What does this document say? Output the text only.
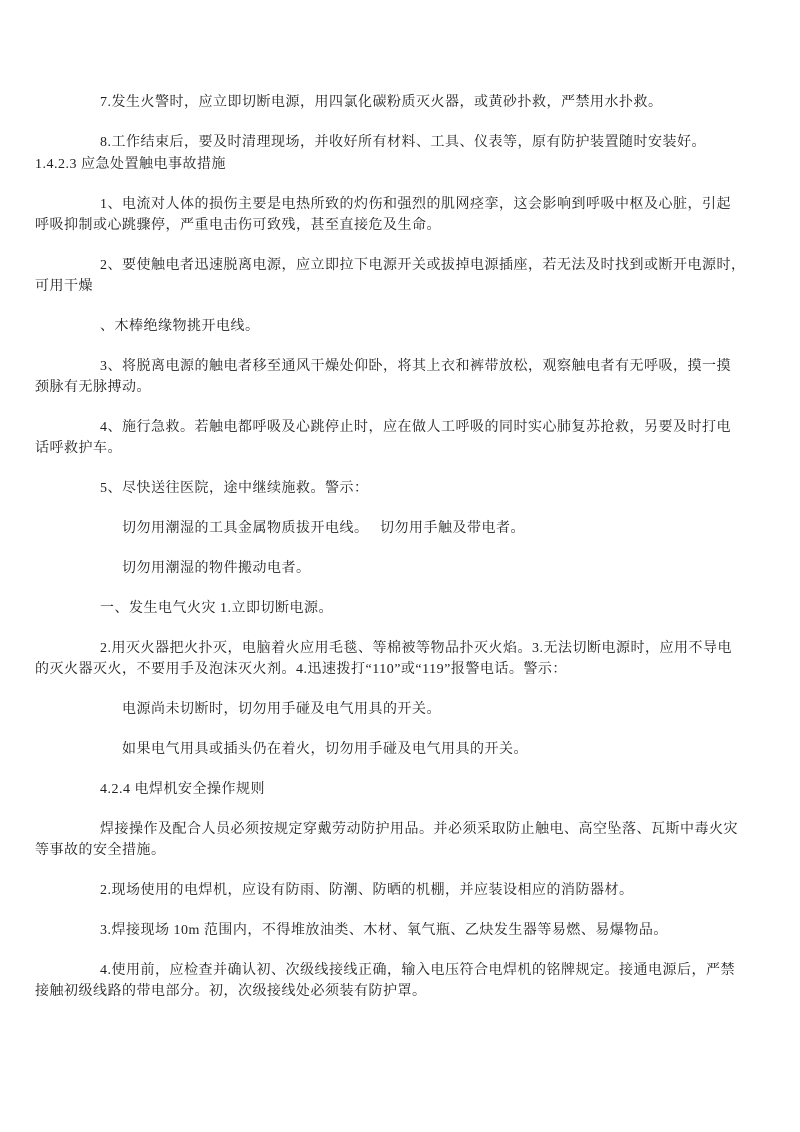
7.发生火警时，应立即切断电源，用四氯化碳粉质灭火器，或黄砂扑救，严禁用水扑救。
8.工作结束后，要及时清理现场，并收好所有材料、工具、仪表等，原有防护装置随时安装好。
1.4.2.3 应急处置触电事故措施
1、电流对人体的损伤主要是电热所致的灼伤和强烈的肌网痉挛，这会影响到呼吸中枢及心脏，引起
呼吸抑制或心跳骤停，严重电击伤可致残，甚至直接危及生命。
2、要使触电者迅速脱离电源，应立即拉下电源开关或拔掉电源插座，若无法及时找到或断开电源时，
可用干燥
、木棒绝缘物挑开电线。
3、将脱离电源的触电者移至通风干燥处仰卧，将其上衣和裤带放松，观察触电者有无呼吸，摸一摸
颈脉有无脉搏动。
4、施行急救。若触电都呼吸及心跳停止时，应在做人工呼吸的同时实心肺复苏抢救，另要及时打电
话呼救护车。
5、尽快送往医院，途中继续施救。警示：
切勿用潮湿的工具金属物质拔开电线。　 切勿用手触及带电者。
切勿用潮湿的物件搬动电者。
一、发生电气火灾 1.立即切断电源。
2.用灭火器把火扑灭，电脑着火应用毛毯、等棉被等物品扑灭火焰。3.无法切断电源时，应用不导电
的灭火器灭火，不要用手及泡沫灭火剂。4.迅速拨打“110”或“119”报警电话。警示：
电源尚未切断时，切勿用手碰及电气用具的开关。
如果电气用具或插头仍在着火，切勿用手碰及电气用具的开关。
4.2.4 电焊机安全操作规则
焊接操作及配合人员必须按规定穿戴劳动防护用品。并必须采取防止触电、高空坠落、瓦斯中毒火灾
等事故的安全措施。
2.现场使用的电焊机，应设有防雨、防潮、防晒的机棚，并应装设相应的消防器材。
3.焊接现场 10m 范围内，不得堆放油类、木材、氧气瓶、乙炔发生器等易燃、易爆物品。
4.使用前，应检查并确认初、次级线接线正确，输入电压符合电焊机的铭牌规定。接通电源后，严禁
接触初级线路的带电部分。初，次级接线处必须装有防护罩。
